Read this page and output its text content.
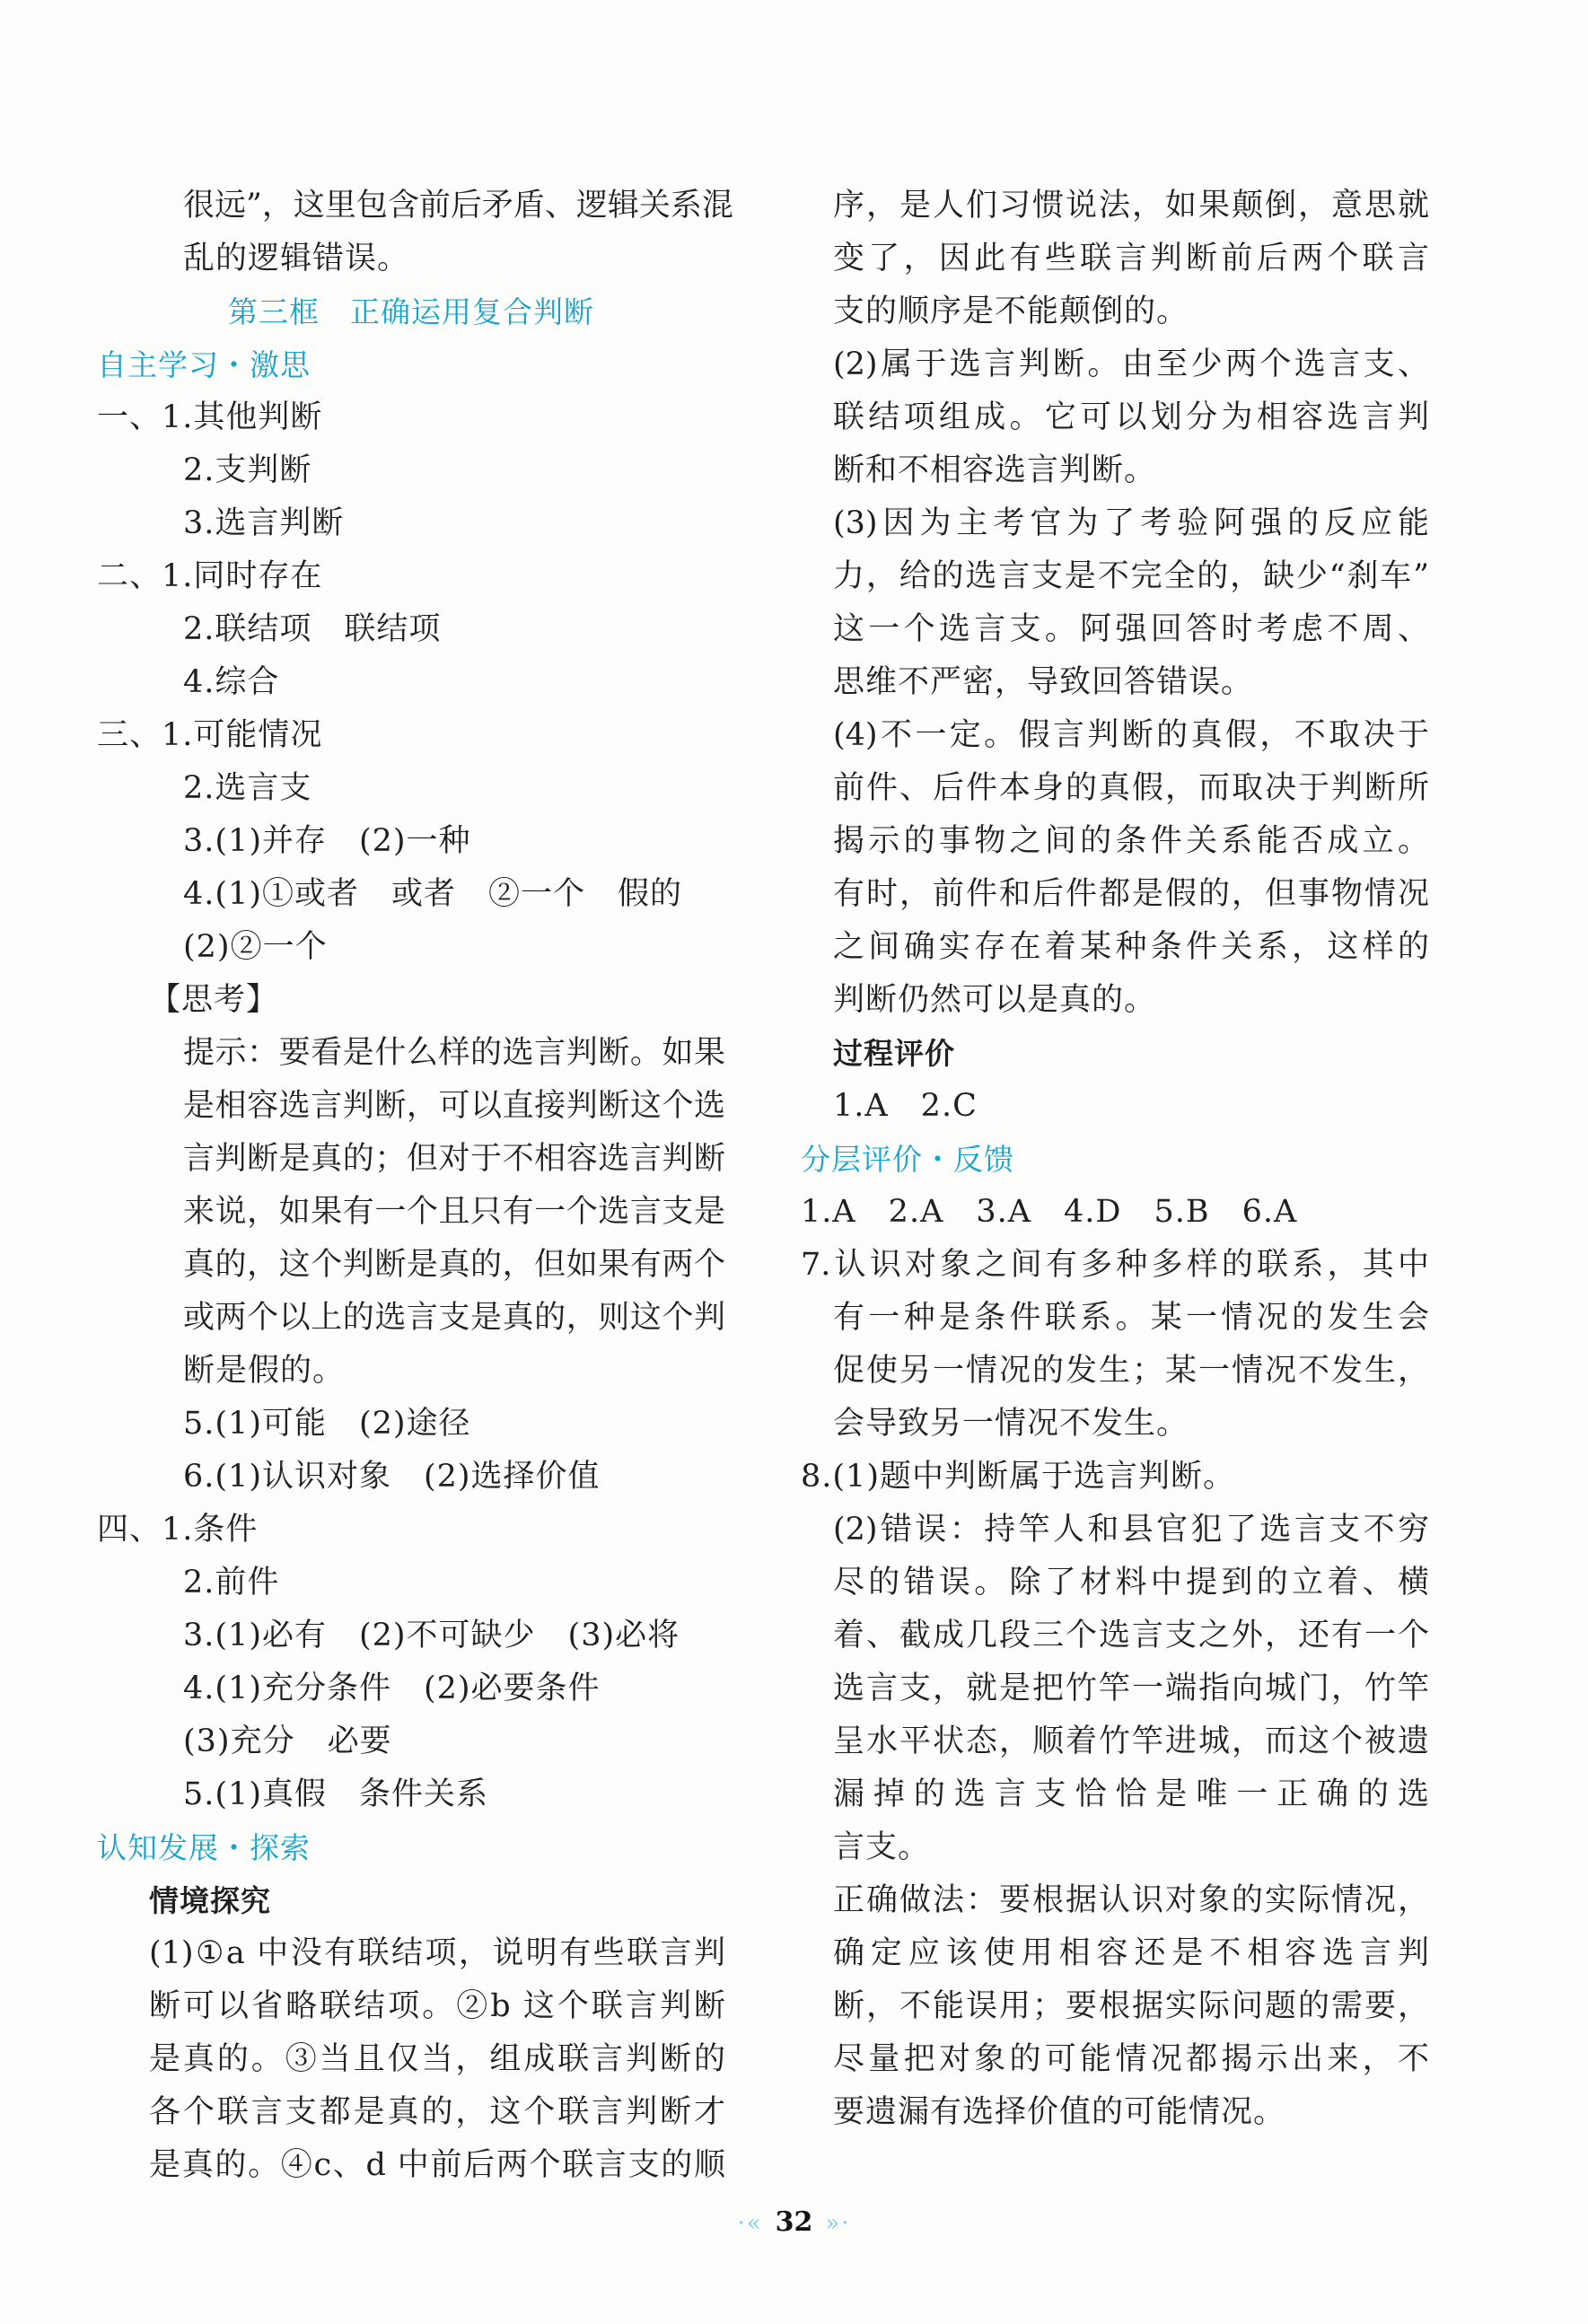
很远”，这里包含前后矛盾、逻辑关系混
乱的逻辑错误。
第三框　正确运用复合判断
自主学习・激思
一、1.其他判断
2.支判断
3.选言判断
二、1.同时存在
2.联结项　联结项
4.综合
三、1.可能情况
2.选言支
3.(1)并存　(2)一种
4.(1)①或者　或者　②一个　假的
(2)②一个
【思考】
提示：要看是什么样的选言判断。如果
是相容选言判断，可以直接判断这个选
言判断是真的；但对于不相容选言判断
来说，如果有一个且只有一个选言支是
真的，这个判断是真的，但如果有两个
或两个以上的选言支是真的，则这个判
断是假的。
5.(1)可能　(2)途径
6.(1)认识对象　(2)选择价值
四、1.条件
2.前件
3.(1)必有　(2)不可缺少　(3)必将
4.(1)充分条件　(2)必要条件
(3)充分　必要
5.(1)真假　条件关系
认知发展・探索
情境探究
(1)①a 中没有联结项，说明有些联言判
断可以省略联结项。②b 这个联言判断
是真的。③当且仅当，组成联言判断的
各个联言支都是真的，这个联言判断才
是真的。④c、d 中前后两个联言支的顺
序，是人们习惯说法，如果颠倒，意思就
变了，因此有些联言判断前后两个联言
支的顺序是不能颠倒的。
(2)属于选言判断。由至少两个选言支、
联结项组成。它可以划分为相容选言判
断和不相容选言判断。
(3)因为主考官为了考验阿强的反应能
力，给的选言支是不完全的，缺少“刹车”
这一个选言支。阿强回答时考虑不周、
思维不严密，导致回答错误。
(4)不一定。假言判断的真假，不取决于
前件、后件本身的真假，而取决于判断所
揭示的事物之间的条件关系能否成立。
有时，前件和后件都是假的，但事物情况
之间确实存在着某种条件关系，这样的
判断仍然可以是真的。
过程评价
1.A　2.C
分层评价・反馈
1.A　2.A　3.A　4.D　5.B　6.A
7.认识对象之间有多种多样的联系，其中
有一种是条件联系。某一情况的发生会
促使另一情况的发生；某一情况不发生，
会导致另一情况不发生。
8.(1)题中判断属于选言判断。
(2)错误：持竿人和县官犯了选言支不穷
尽的错误。除了材料中提到的立着、横
着、截成几段三个选言支之外，还有一个
选言支，就是把竹竿一端指向城门，竹竿
呈水平状态，顺着竹竿进城，而这个被遗
漏掉的选言支恰恰是唯一正确的选
言支。
正确做法：要根据认识对象的实际情况，
确定应该使用相容还是不相容选言判
断，不能误用；要根据实际问题的需要，
尽量把对象的可能情况都揭示出来，不
要遗漏有选择价值的可能情况。
·« 32 »·
